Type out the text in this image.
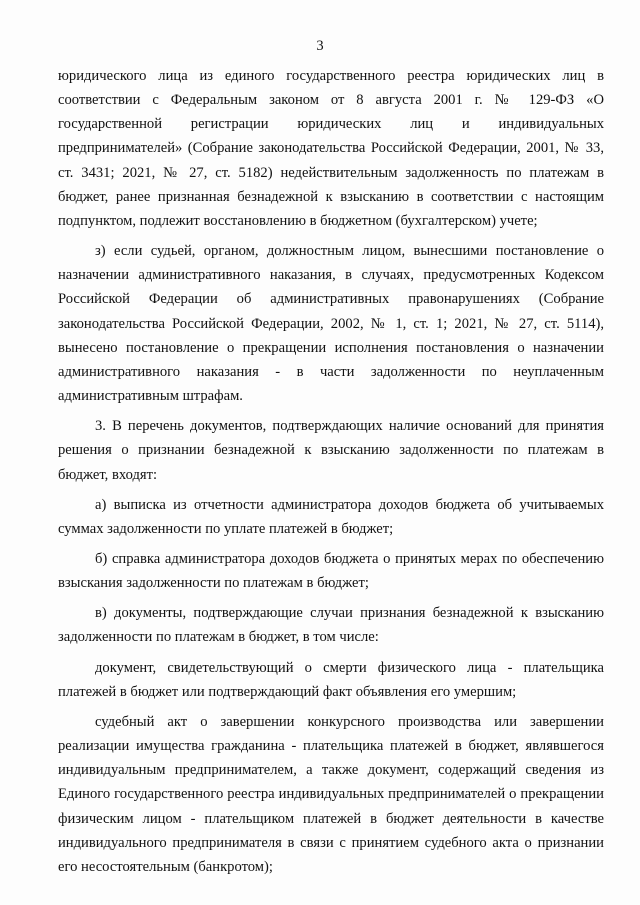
3

юридического лица из единого государственного реестра юридических лиц в соответствии с Федеральным законом от 8 августа 2001 г. № 129-ФЗ «О государственной регистрации юридических лиц и индивидуальных предпринимателей» (Собрание законодательства Российской Федерации, 2001, № 33, ст. 3431; 2021, № 27, ст. 5182) недействительным задолженность по платежам в бюджет, ранее признанная безнадежной к взысканию в соответствии с настоящим подпунктом, подлежит восстановлению в бюджетном (бухгалтерском) учете;

з) если судьей, органом, должностным лицом, вынесшими постановление о назначении административного наказания, в случаях, предусмотренных Кодексом Российской Федерации об административных правонарушениях (Собрание законодательства Российской Федерации, 2002, № 1, ст. 1; 2021, № 27, ст. 5114), вынесено постановление о прекращении исполнения постановления о назначении административного наказания - в части задолженности по неуплаченным административным штрафам.

3. В перечень документов, подтверждающих наличие оснований для принятия решения о признании безнадежной к взысканию задолженности по платежам в бюджет, входят:

а) выписка из отчетности администратора доходов бюджета об учитываемых суммах задолженности по уплате платежей в бюджет;

б) справка администратора доходов бюджета о принятых мерах по обеспечению взыскания задолженности по платежам в бюджет;

в) документы, подтверждающие случаи признания безнадежной к взысканию задолженности по платежам в бюджет, в том числе:

документ, свидетельствующий о смерти физического лица - плательщика платежей в бюджет или подтверждающий факт объявления его умершим;

судебный акт о завершении конкурсного производства или завершении реализации имущества гражданина - плательщика платежей в бюджет, являвшегося индивидуальным предпринимателем, а также документ, содержащий сведения из Единого государственного реестра индивидуальных предпринимателей о прекращении физическим лицом - плательщиком платежей в бюджет деятельности в качестве индивидуального предпринимателя в связи с принятием судебного акта о признании его несостоятельным (банкротом);
